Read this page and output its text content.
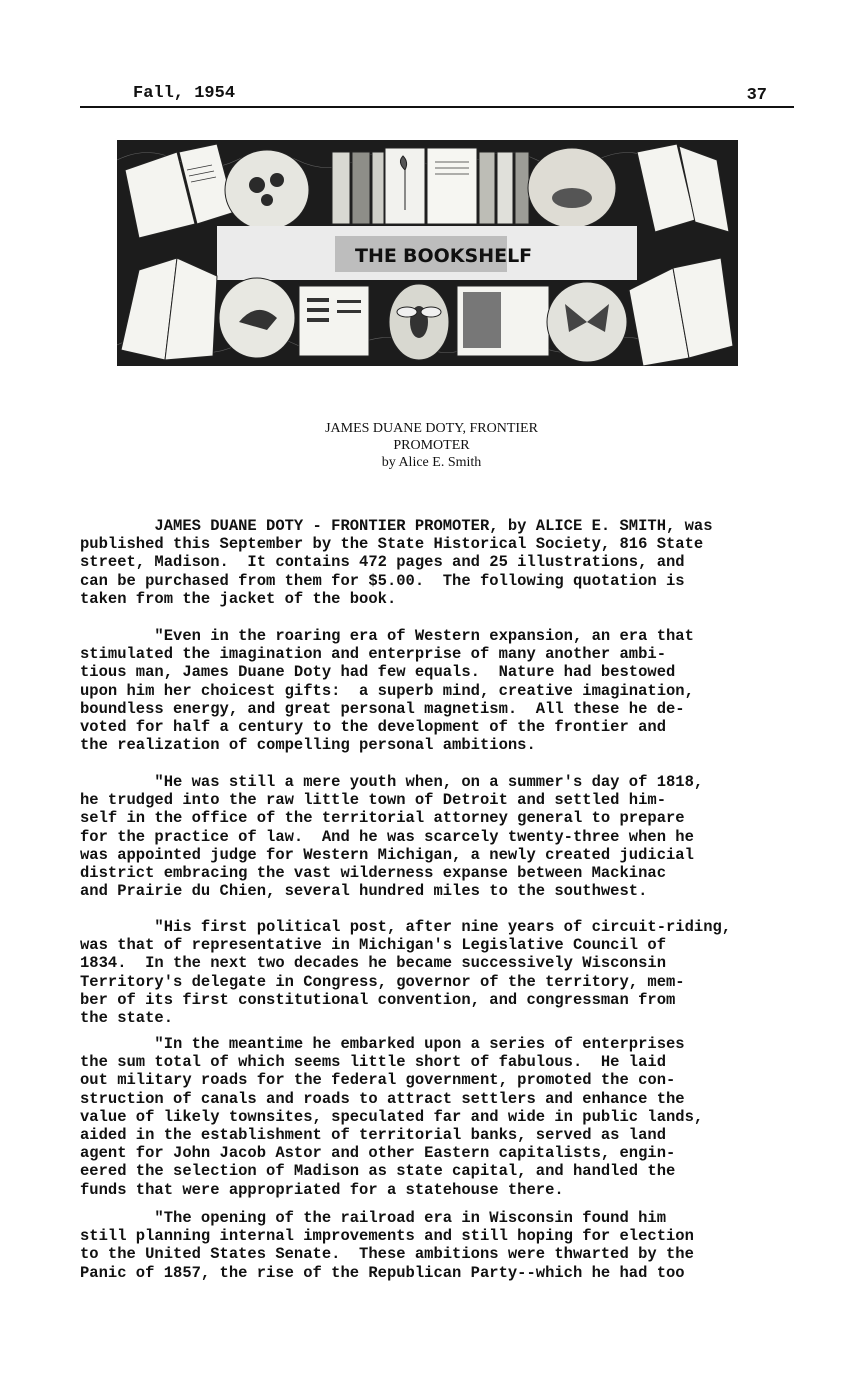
Fall, 1954	37
THE BOOKSHELF
JAMES DUANE DOTY, FRONTIER
PROMOTER
by Alice E. Smith
JAMES DUANE DOTY - FRONTIER PROMOTER, by ALICE E. SMITH, was
published this September by the State Historical Society, 816 State
street, Madison.  It contains 472 pages and 25 illustrations, and
can be purchased from them for $5.00.  The following quotation is
taken from the jacket of the book.
"Even in the roaring era of Western expansion, an era that
stimulated the imagination and enterprise of many another ambi-
tious man, James Duane Doty had few equals.  Nature had bestowed
upon him her choicest gifts:  a superb mind, creative imagination,
boundless energy, and great personal magnetism.  All these he de-
voted for half a century to the development of the frontier and
the realization of compelling personal ambitions.
"He was still a mere youth when, on a summer's day of 1818,
he trudged into the raw little town of Detroit and settled him-
self in the office of the territorial attorney general to prepare
for the practice of law.  And he was scarcely twenty-three when he
was appointed judge for Western Michigan, a newly created judicial
district embracing the vast wilderness expanse between Mackinac
and Prairie du Chien, several hundred miles to the southwest.
"His first political post, after nine years of circuit-riding,
was that of representative in Michigan's Legislative Council of
1834.  In the next two decades he became successively Wisconsin
Territory's delegate in Congress, governor of the territory, mem-
ber of its first constitutional convention, and congressman from
the state.
"In the meantime he embarked upon a series of enterprises
the sum total of which seems little short of fabulous.  He laid
out military roads for the federal government, promoted the con-
struction of canals and roads to attract settlers and enhance the
value of likely townsites, speculated far and wide in public lands,
aided in the establishment of territorial banks, served as land
agent for John Jacob Astor and other Eastern capitalists, engin-
eered the selection of Madison as state capital, and handled the
funds that were appropriated for a statehouse there.
"The opening of the railroad era in Wisconsin found him
still planning internal improvements and still hoping for election
to the United States Senate.  These ambitions were thwarted by the
Panic of 1857, the rise of the Republican Party--which he had too
